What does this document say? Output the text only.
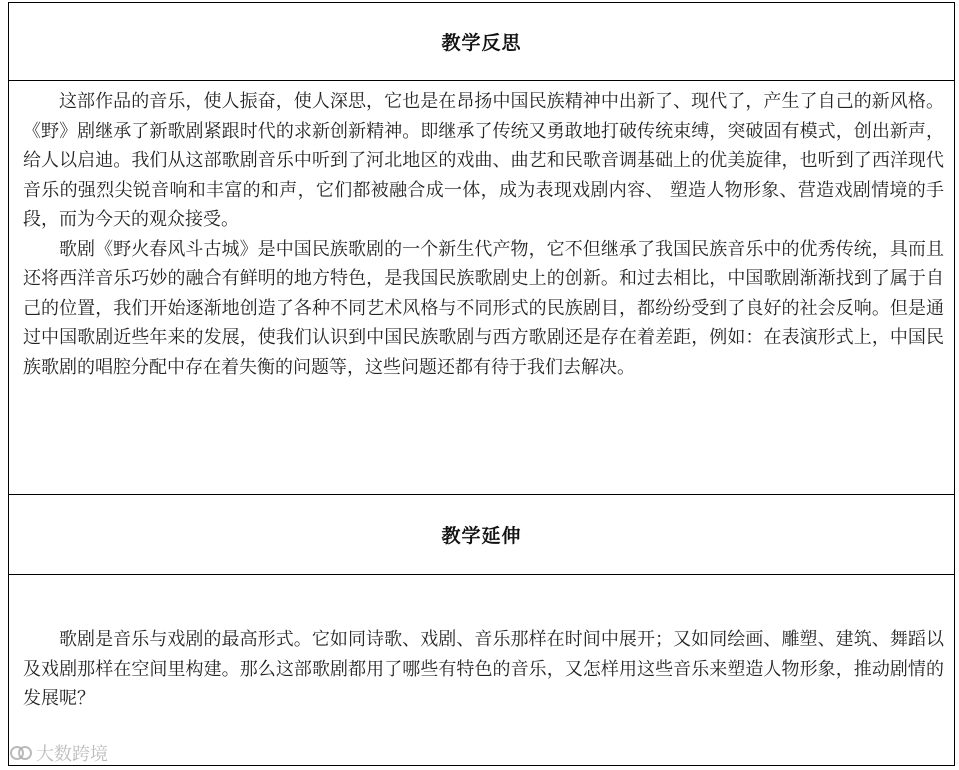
教学反思

这部作品的音乐，使人振奋，使人深思，它也是在昂扬中国民族精神中出新了、现代了，产生了自己的新风格。《野》剧继承了新歌剧紧跟时代的求新创新精神。即继承了传统又勇敢地打破传统束缚，突破固有模式，创出新声，给人以启迪。我们从这部歌剧音乐中听到了河北地区的戏曲、曲艺和民歌音调基础上的优美旋律，也听到了西洋现代音乐的强烈尖锐音响和丰富的和声，它们都被融合成一体，成为表现戏剧内容、 塑造人物形象、营造戏剧情境的手段，而为今天的观众接受。

歌剧《野火春风斗古城》是中国民族歌剧的一个新生代产物，它不但继承了我国民族音乐中的优秀传统，具而且还将西洋音乐巧妙的融合有鲜明的地方特色，是我国民族歌剧史上的创新。和过去相比，中国歌剧渐渐找到了属于自己的位置，我们开始逐渐地创造了各种不同艺术风格与不同形式的民族剧目，都纷纷受到了良好的社会反响。但是通过中国歌剧近些年来的发展，使我们认识到中国民族歌剧与西方歌剧还是存在着差距，例如：在表演形式上，中国民族歌剧的唱腔分配中存在着失衡的问题等，这些问题还都有待于我们去解决。

教学延伸

歌剧是音乐与戏剧的最高形式。它如同诗歌、戏剧、音乐那样在时间中展开；又如同绘画、雕塑、建筑、舞蹈以及戏剧那样在空间里构建。那么这部歌剧都用了哪些有特色的音乐，又怎样用这些音乐来塑造人物形象，推动剧情的发展呢？

大数跨境
